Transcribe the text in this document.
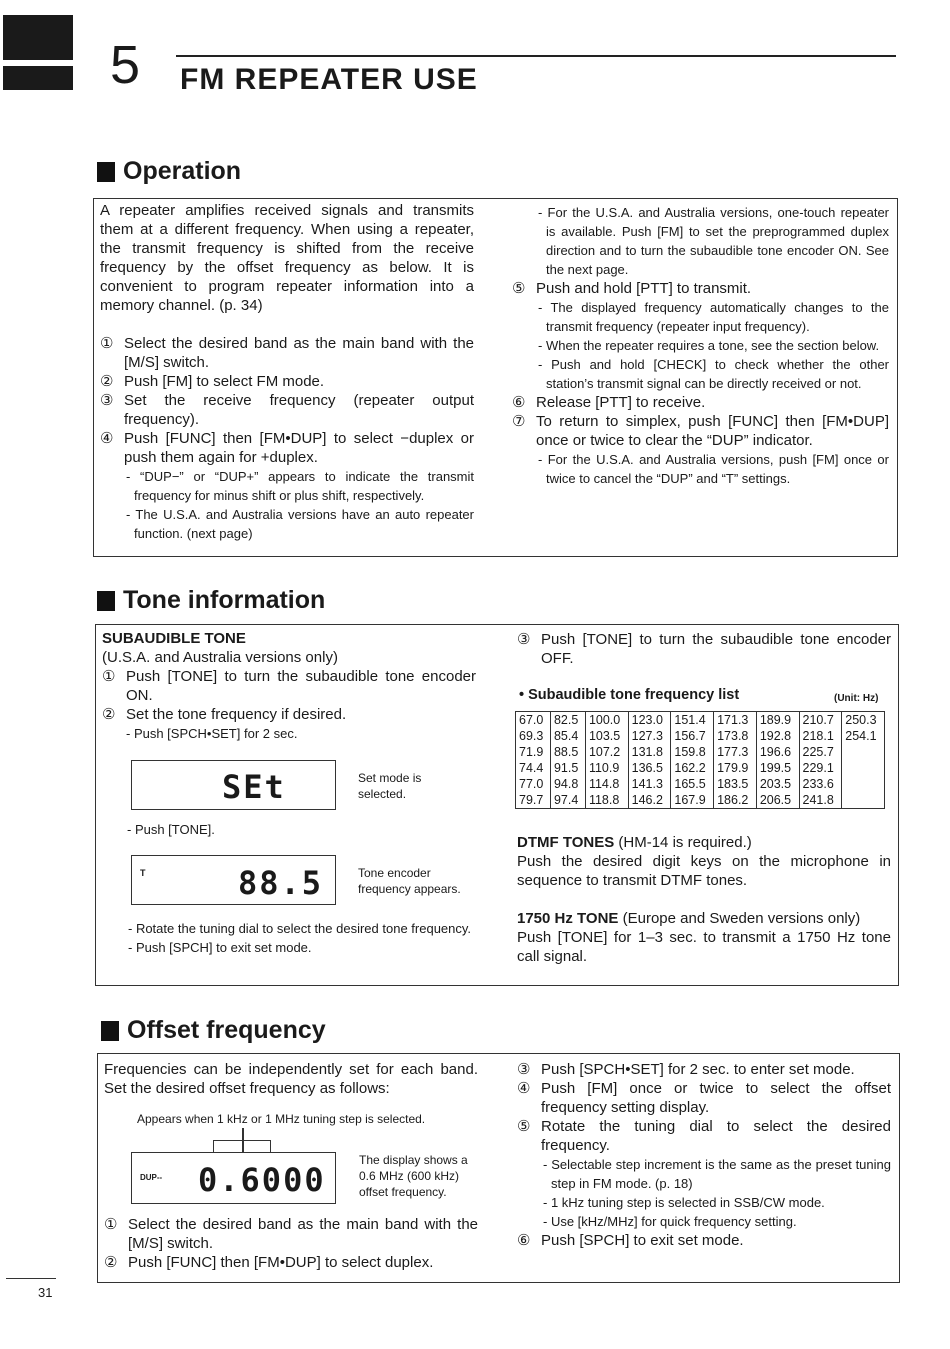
5 FM REPEATER USE
Operation

A repeater amplifies received signals and transmits them at a different frequency. When using a repeater, the transmit frequency is shifted from the receive frequency by the offset frequency as below. It is convenient to program repeater information into a memory channel. (p. 34)

① Select the desired band as the main band with the [M/S] switch.
② Push [FM] to select FM mode.
③ Set the receive frequency (repeater output frequency).
④ Push [FUNC] then [FM•DUP] to select −duplex or push them again for +duplex.

- “DUP−” or “DUP+” appears to indicate the transmit frequency for minus shift or plus shift, respectively.

- The U.S.A. and Australia versions have an auto repeater function. (next page)

- For the U.S.A. and Australia versions, one-touch repeater is available. Push [FM] to set the preprogrammed duplex direction and to turn the subaudible tone encoder ON. See the next page.

⑤ Push and hold [PTT] to transmit.

- The displayed frequency automatically changes to the transmit frequency (repeater input frequency).

- When the repeater requires a tone, see the section below.

- Push and hold [CHECK] to check whether the other station’s transmit signal can be directly received or not.

⑥ Release [PTT] to receive.
⑦ To return to simplex, push [FUNC] then [FM•DUP] once or twice to clear the “DUP” indicator.

- For the U.S.A. and Australia versions, push [FM] once or twice to cancel the “DUP” and “T” settings.

Tone information

SUBAUDIBLE TONE

(U.S.A. and Australia versions only)

① Push [TONE] to turn the subaudible tone encoder ON.
② Set the tone frequency if desired.

- Push [SPCH•SET] for 2 sec.

SEt	Set mode is selected.
- Push [TONE].
T	88.5	Tone encoder frequency appears.

- Rotate the tuning dial to select the desired tone frequency.

- Push [SPCH] to exit set mode.

③ Push [TONE] to turn the subaudible tone encoder OFF.
• Subaudible tone frequency list	(Unit: Hz)
67.0	82.5	100.0	123.0	151.4	171.3	189.9	210.7	250.3
69.3	85.4	103.5	127.3	156.7	173.8	192.8	218.1	254.1
71.9	88.5	107.2	131.8	159.8	177.3	196.6	225.7	
74.4	91.5	110.9	136.5	162.2	179.9	199.5	229.1	
77.0	94.8	114.8	141.3	165.5	183.5	203.5	233.6	
79.7	97.4	118.8	146.2	167.9	186.2	206.5	241.8	

DTMF TONES (HM-14 is required.)

Push the desired digit keys on the microphone in sequence to transmit DTMF tones.

1750 Hz TONE (Europe and Sweden versions only)

Push [TONE] for 1–3 sec. to transmit a 1750 Hz tone call signal.

Offset frequency

Frequencies can be independently set for each band. Set the desired offset frequency as follows:

Appears when 1 kHz or 1 MHz tuning step is selected.
DUP-- 0.6000
The display shows a 0.6 MHz (600 kHz) offset frequency.
① Select the desired band as the main band with the [M/S] switch.
② Push [FUNC] then [FM•DUP] to select duplex.
③ Push [SPCH•SET] for 2 sec. to enter set mode.
④ Push [FM] once or twice to select the offset frequency setting display.
⑤ Rotate the tuning dial to select the desired frequency.

- Selectable step increment is the same as the preset tuning step in FM mode. (p. 18)

- 1 kHz tuning step is selected in SSB/CW mode.

- Use [kHz/MHz] for quick frequency setting.

⑥ Push [SPCH] to exit set mode.
31
